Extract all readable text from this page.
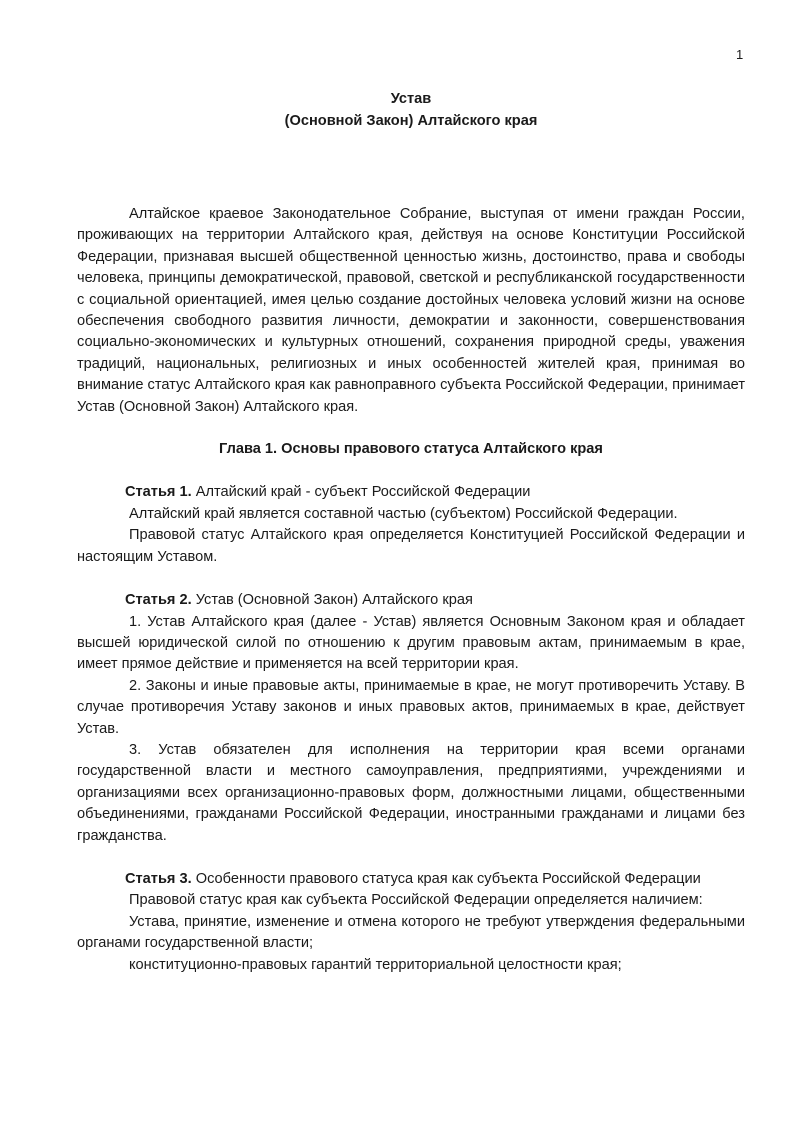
1
Устав
(Основной Закон) Алтайского края

Алтайское краевое Законодательное Собрание, выступая от имени граждан России, проживающих на территории Алтайского края, действуя на основе Конституции Российской Федерации, признавая высшей общественной ценностью жизнь, достоинство, права и свободы человека, принципы демократической, правовой, светской и республиканской государственности с социальной ориентацией, имея целью создание достойных человека условий жизни на основе обеспечения свободного развития личности, демократии и законности, совершенствования социально-экономических и культурных отношений, сохранения природной среды, уважения традиций, национальных, религиозных и иных особенностей жителей края, принимая во внимание статус Алтайского края как равноправного субъекта Российской Федерации, принимает Устав (Основной Закон) Алтайского края.

Глава 1. Основы правового статуса Алтайского края
Статья 1. Алтайский край - субъект Российской Федерации
Алтайский край является составной частью (субъектом) Российской Федерации.
Правовой статус Алтайского края определяется Конституцией Российской Федерации и настоящим Уставом.
Статья 2. Устав (Основной Закон) Алтайского края
1. Устав Алтайского края (далее - Устав) является Основным Законом края и обладает высшей юридической силой по отношению к другим правовым актам, принимаемым в крае, имеет прямое действие и применяется на всей территории края.
2. Законы и иные правовые акты, принимаемые в крае, не могут противоречить Уставу. В случае противоречия Уставу законов и иных правовых актов, принимаемых в крае, действует Устав.
3. Устав обязателен для исполнения на территории края всеми органами государственной власти и местного самоуправления, предприятиями, учреждениями и организациями всех организационно-правовых форм, должностными лицами, общественными объединениями, гражданами Российской Федерации, иностранными гражданами и лицами без гражданства.
Статья 3. Особенности правового статуса края как субъекта Российской Федерации
Правовой статус края как субъекта Российской Федерации определяется наличием:
Устава, принятие, изменение и отмена которого не требуют утверждения федеральными органами государственной власти;
конституционно-правовых гарантий территориальной целостности края;
